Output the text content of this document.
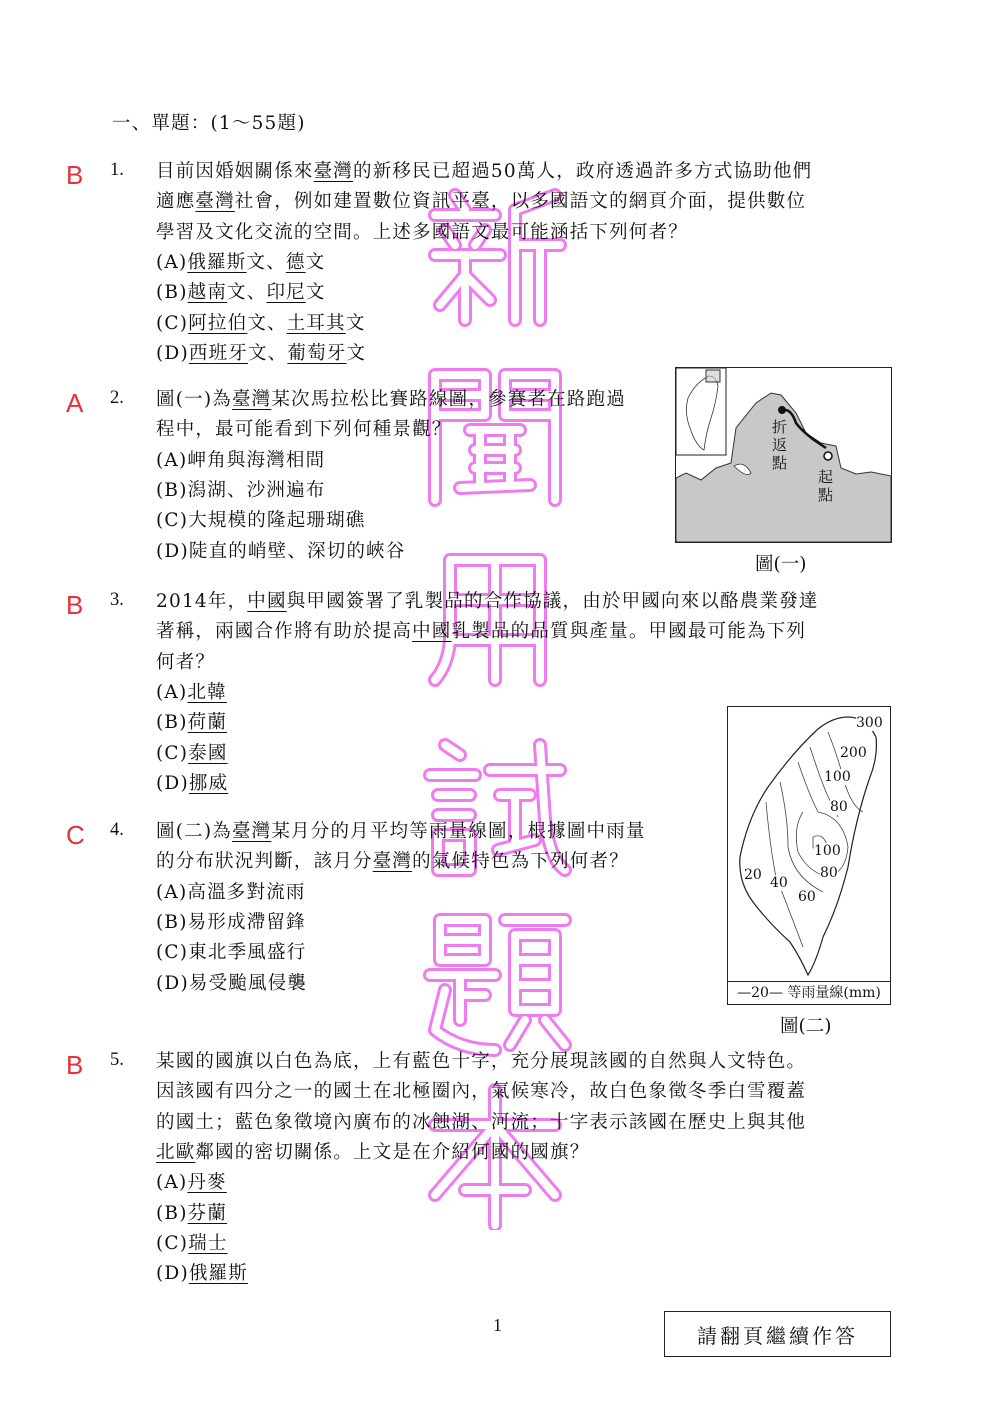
一、單題：(1～55題)
B 1. 目前因婚姻關係來臺灣的新移民已超過50萬人，政府透過許多方式協助他們
適應臺灣社會，例如建置數位資訊平臺，以多國語文的網頁介面，提供數位
學習及文化交流的空間。上述多國語文最可能涵括下列何者？
(A)俄羅斯文、德文
(B)越南文、印尼文
(C)阿拉伯文、土耳其文
(D)西班牙文、葡萄牙文
A 2. 圖(一)為臺灣某次馬拉松比賽路線圖，參賽者在路跑過
程中，最可能看到下列何種景觀？
(A)岬角與海灣相間
(B)潟湖、沙洲遍布
(C)大規模的隆起珊瑚礁
(D)陡直的峭壁、深切的峽谷
B 3. 2014年，中國與甲國簽署了乳製品的合作協議，由於甲國向來以酪農業發達
著稱，兩國合作將有助於提高中國乳製品的品質與產量。甲國最可能為下列
何者？
(A)北韓
(B)荷蘭
(C)泰國
(D)挪威
C 4. 圖(二)為臺灣某月分的月平均等雨量線圖，根據圖中雨量
的分布狀況判斷，該月分臺灣的氣候特色為下列何者？
(A)高溫多對流雨
(B)易形成滯留鋒
(C)東北季風盛行
(D)易受颱風侵襲
B 5. 某國的國旗以白色為底，上有藍色十字，充分展現該國的自然與人文特色。
因該國有四分之一的國土在北極圈內，氣候寒冷，故白色象徵冬季白雪覆蓋
的國土；藍色象徵境內廣布的冰蝕湖、河流；十字表示該國在歷史上與其他
北歐鄰國的密切關係。上文是在介紹何國的國旗？
(A)丹麥
(B)芬蘭
(C)瑞士
(D)俄羅斯
折返點
起點
圖(一)
300
200
100
80
100
80
60
40
20
—20— 等雨量線(mm)
圖(二)
1	請翻頁繼續作答
